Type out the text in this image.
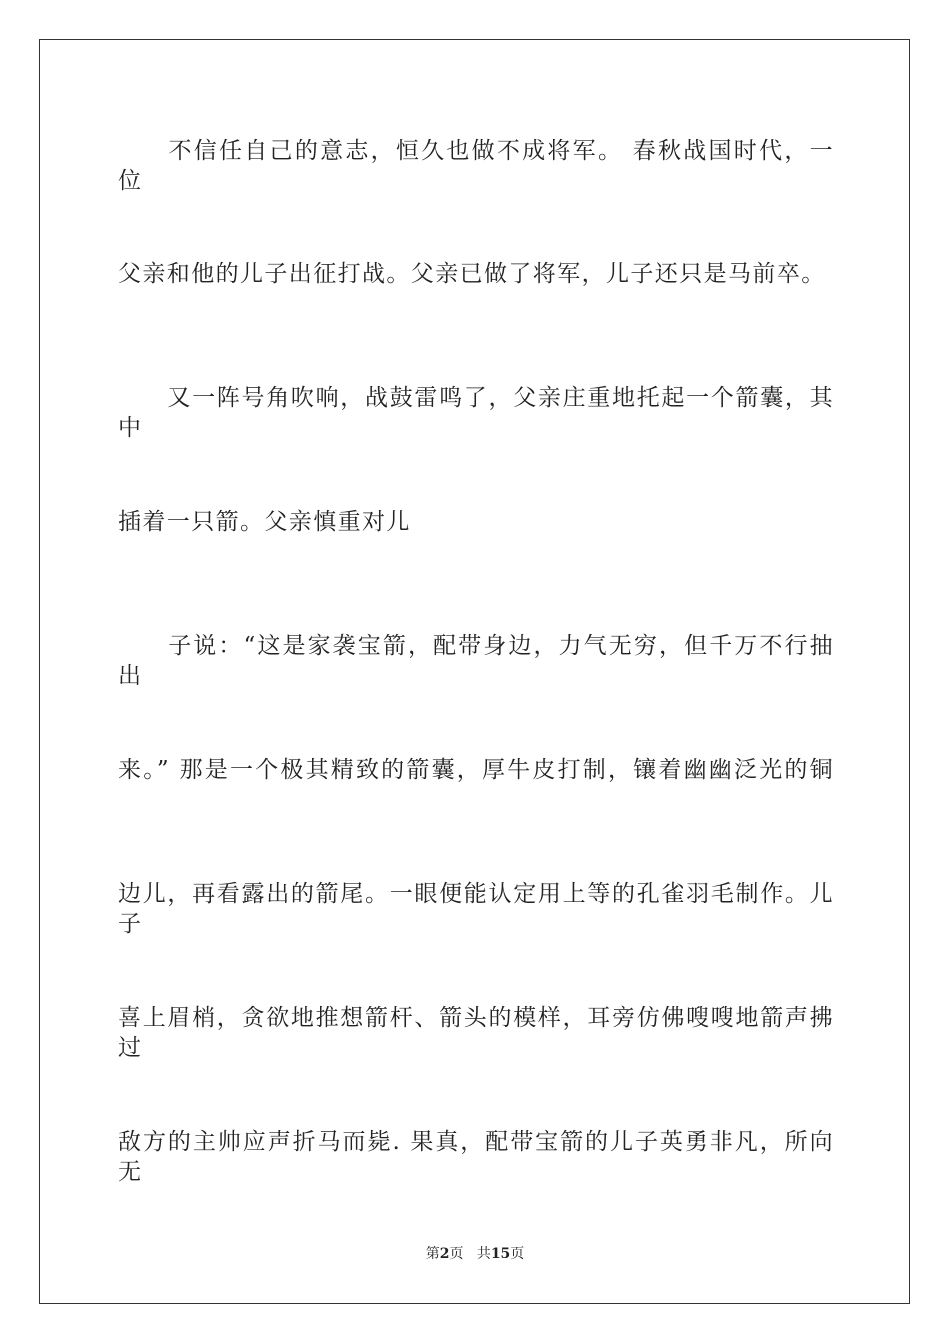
　　不信任自己的意志，恒久也做不成将军。 春秋战国时代，一位
父亲和他的儿子出征打战。父亲已做了将军，儿子还只是马前卒。
　　又一阵号角吹响，战鼓雷鸣了，父亲庄重地托起一个箭囊，其中
插着一只箭。父亲慎重对儿
　　子说：“这是家袭宝箭，配带身边，力气无穷，但千万不行抽出
来。” 那是一个极其精致的箭囊，厚牛皮打制，镶着幽幽泛光的铜
边儿，再看露出的箭尾。一眼便能认定用上等的孔雀羽毛制作。儿子
喜上眉梢，贪欲地推想箭杆、箭头的模样，耳旁仿佛嗖嗖地箭声拂过
敌方的主帅应声折马而毙. 果真，配带宝箭的儿子英勇非凡，所向无
第2页 共15页
